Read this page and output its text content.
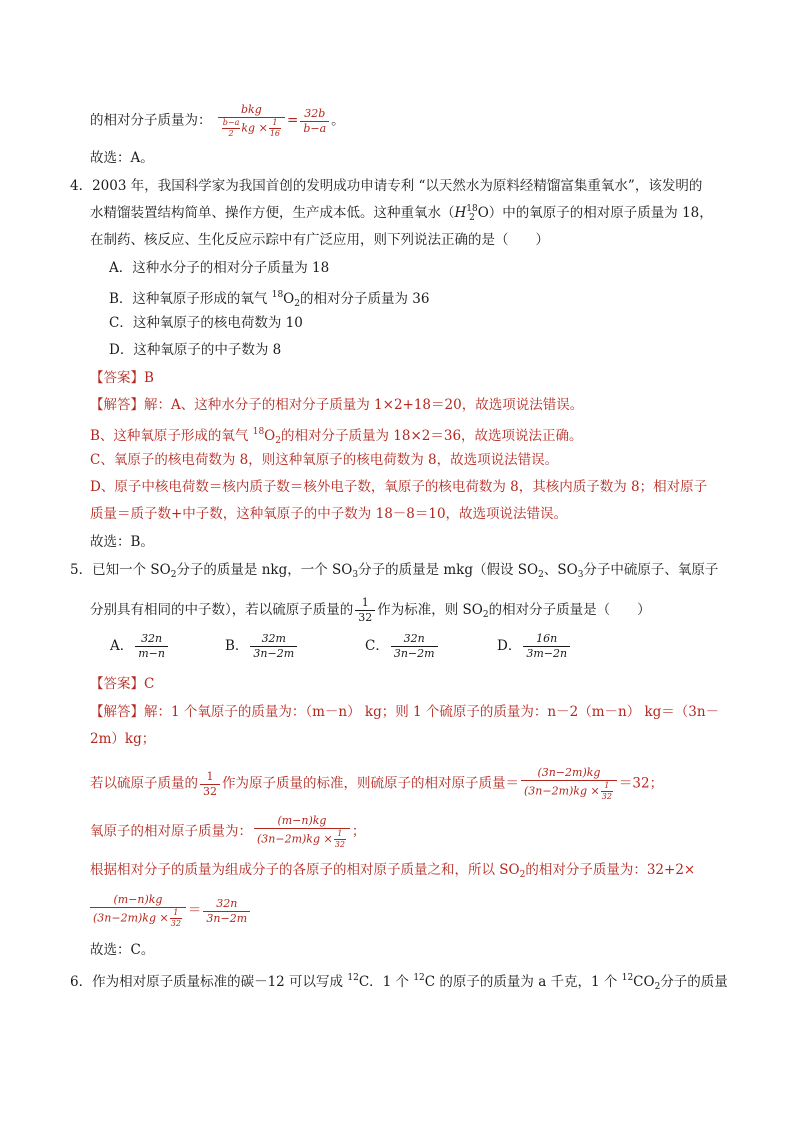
的相对分子质量为： $\frac{\text{bkg}}{\frac{b-a}{2} kg \times \frac{1}{16}} = \frac{32b}{b-a}$ 。
故选：A。
4．2003 年，我国科学家为我国首创的发明成功申请专利 “以天然水为原料经精馏富集重氧水”，该发明的
水精馏装置结构简单、操作方便，生产成本低。这种重氧水（H 18
2 O）中的氧原子的相对原子质量为 18，
在制药、核反应、生化反应示踪中有广泛应用，则下列说法正确的是（　　）
A．这种水分子的相对分子质量为 18
B．这种氧原子形成的氧气 $^{18}O_2$的相对分子质量为 36
C．这种氧原子的核电荷数为 10
D．这种氧原子的中子数为 8
【答案】B
【解答】解：A、这种水分子的相对分子质量为 1×2+18＝20，故选项说法错误。
B、这种氧原子形成的氧气 $^{18}O_2$的相对分子质量为 18×2＝36，故选项说法正确。
C、氧原子的核电荷数为 8，则这种氧原子的核电荷数为 8，故选项说法错误。
D、原子中核电荷数＝核内质子数＝核外电子数，氧原子的核电荷数为 8，其核内质子数为 8；相对原子
质量＝质子数+中子数，这种氧原子的中子数为 18－8＝10，故选项说法错误。
故选：B。
5．已知一个 $SO_2$分子的质量是 nkg，一个 $SO_3$分子的质量是 mkg（假设 $SO_2$、$SO_3$分子中硫原子、氧原子
分别具有相同的中子数），若以硫原子质量的 $\frac{1}{32}$ 作为标准，则 $SO_2$的相对分子质量是（　　）
A． $\frac{32n}{m-n}$	B． $\frac{32m}{3n-2m}$	C． $\frac{32n}{3n-2m}$	D． $\frac{16n}{3m-2n}$
【答案】C
【解答】解：1 个氧原子的质量为：（m－n） kg；则 1 个硫原子的质量为：n－2（m－n） kg＝（3n－
2m）kg；
若以硫原子质量的 $\frac{1}{32}$ 作为原子质量的标准，则硫原子的相对原子质量＝ $\frac{(3n-2m)kg}{(3n-2m)kg \times \frac{1}{32}} =32$；
氧原子的相对原子质量为： $\frac{(m-n)kg}{(3n-2m)kg \times \frac{1}{32}}$ ；
根据相对分子的质量为组成分子的各原子的相对原子质量之和，所以 $SO_2$的相对分子质量为：32+2×
$\frac{(m-n)kg}{(3n-2m)kg \times \frac{1}{32}} = \frac{32n}{3n-2m}$
故选：C。
6．作为相对原子质量标准的碳－12 可以写成 $^{12}$C．1 个 $^{12}$C 的原子的质量为 a 千克，1 个 $^{12}CO_2$分子的质量
